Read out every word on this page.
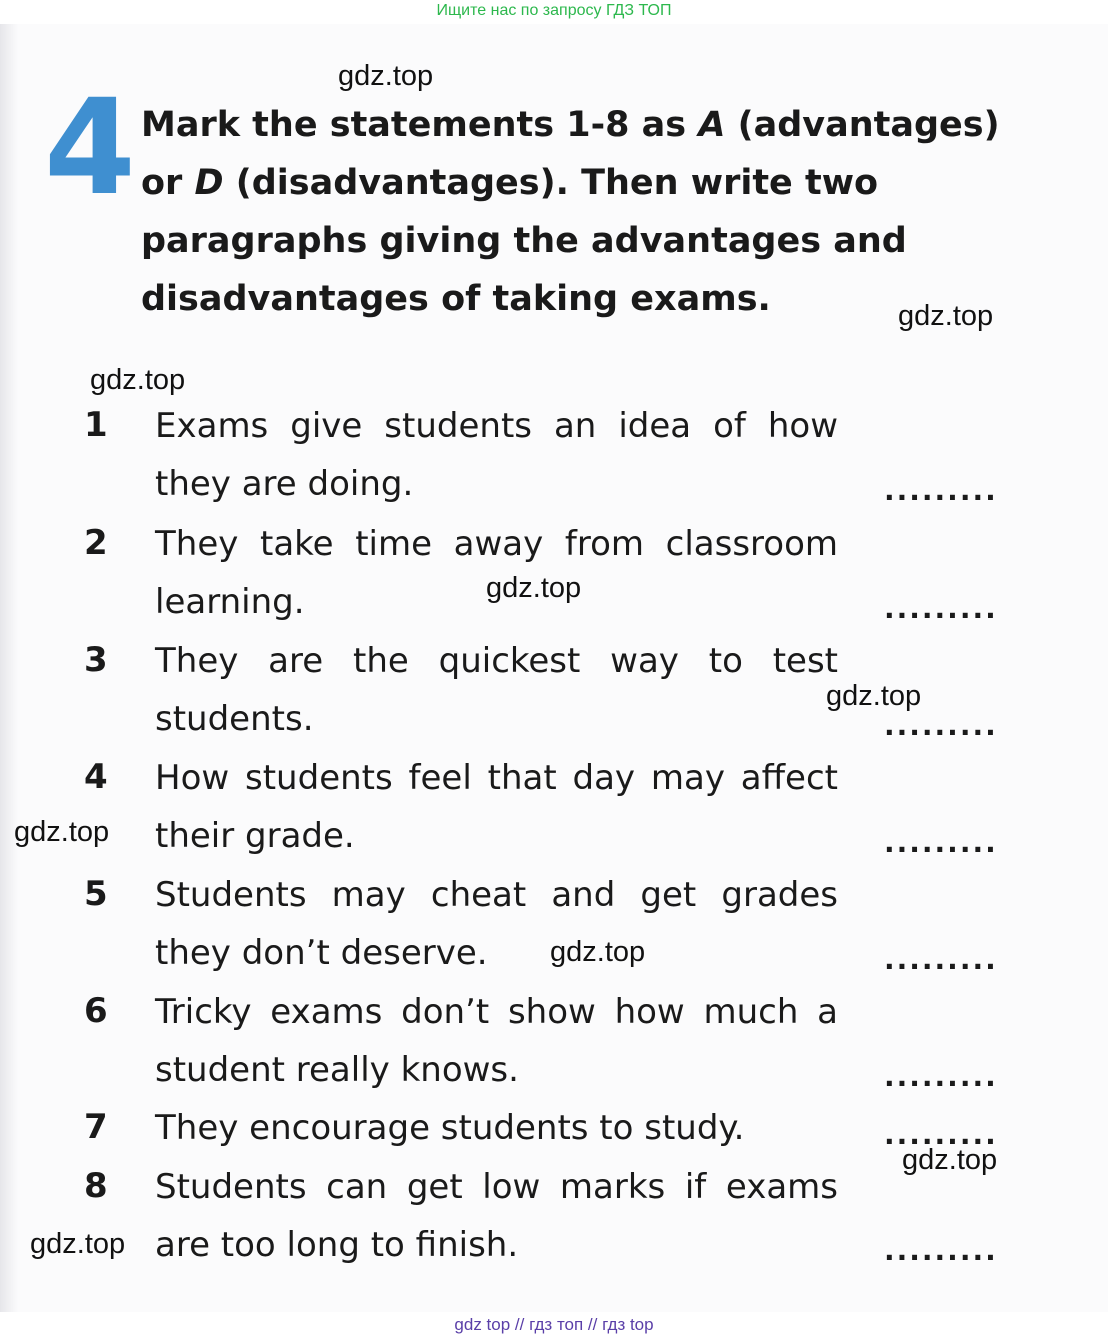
Ищите нас по запросу ГДЗ ТОП
4 Mark the statements 1-8 as A (advantages) or D (disadvantages). Then write two paragraphs giving the advantages and disadvantages of taking exams.
1	Exams give students an idea of how they are doing.	.........
2	They take time away from classroom learning.	.........
3	They are the quickest way to test students.	.........
4	How students feel that day may affect their grade.	.........
5	Students may cheat and get grades they don’t deserve.	.........
6	Tricky exams don’t show how much a student really knows.	.........
7	They encourage students to study.	.........
8	Students can get low marks if exams are too long to finish.	.........
gdz.top
gdz.top
gdz.top
gdz.top
gdz.top
gdz.top
gdz.top
gdz.top
gdz.top
gdz top // гдз топ // гдз top
